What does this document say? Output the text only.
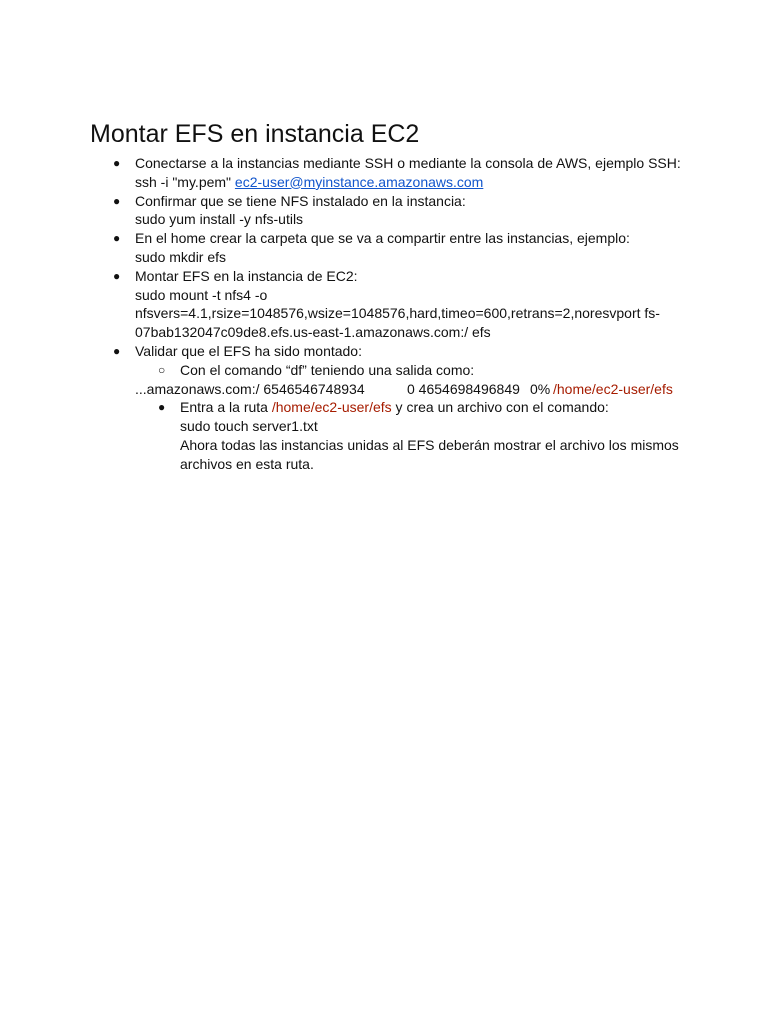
Montar EFS en instancia EC2
● Conectarse a la instancias mediante SSH o mediante la consola de AWS, ejemplo SSH:
ssh -i "my.pem" ec2-user@myinstance.amazonaws.com
● Confirmar que se tiene NFS instalado en la instancia:
sudo yum install -y nfs-utils
● En el home crear la carpeta que se va a compartir entre las instancias, ejemplo:
sudo mkdir efs
● Montar EFS en la instancia de EC2:
sudo mount -t nfs4 -o
nfsvers=4.1,rsize=1048576,wsize=1048576,hard,timeo=600,retrans=2,noresvport fs-
07bab132047c09de8.efs.us-east-1.amazonaws.com:/ efs
● Validar que el EFS ha sido montado:
○ Con el comando “df” teniendo una salida como:
...amazonaws.com:/ 6546546748934	0 4654698496849 0% /home/ec2-user/efs
● Entra a la ruta /home/ec2-user/efs y crea un archivo con el comando:
sudo touch server1.txt
Ahora todas las instancias unidas al EFS deberán mostrar el archivo los mismos
archivos en esta ruta.
